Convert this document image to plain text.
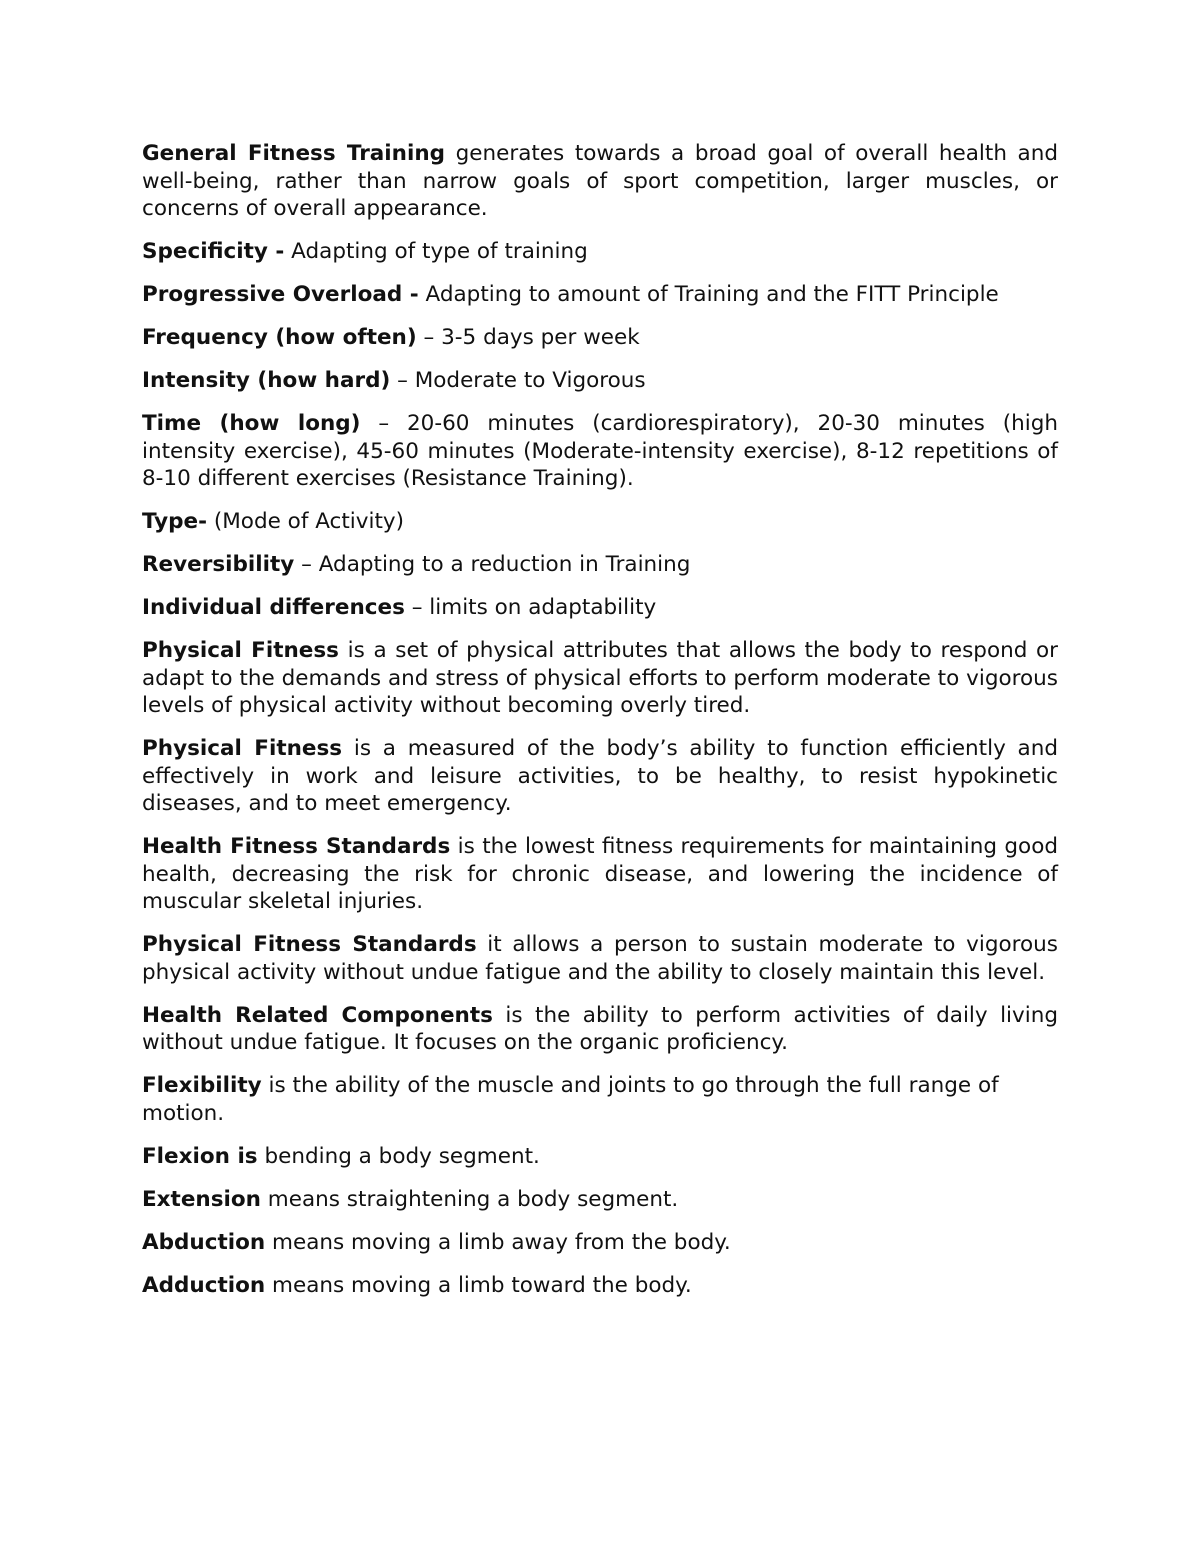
General Fitness Training generates towards a broad goal of overall health and well-being, rather than narrow goals of sport competition, larger muscles, or concerns of overall appearance.

Specificity - Adapting of type of training

Progressive Overload - Adapting to amount of Training and the FITT Principle

Frequency (how often) – 3-5 days per week

Intensity (how hard) – Moderate to Vigorous

Time (how long) – 20-60 minutes (cardiorespiratory), 20-30 minutes (high intensity exercise), 45-60 minutes (Moderate-intensity exercise), 8-12 repetitions of 8-10 different exercises (Resistance Training).

Type- (Mode of Activity)

Reversibility – Adapting to a reduction in Training

Individual differences – limits on adaptability

Physical Fitness is a set of physical attributes that allows the body to respond or adapt to the demands and stress of physical efforts to perform moderate to vigorous levels of physical activity without becoming overly tired.

Physical Fitness is a measured of the body’s ability to function efficiently and effectively in work and leisure activities, to be healthy, to resist hypokinetic diseases, and to meet emergency.

Health Fitness Standards is the lowest fitness requirements for maintaining good health, decreasing the risk for chronic disease, and lowering the incidence of muscular skeletal injuries.

Physical Fitness Standards it allows a person to sustain moderate to vigorous physical activity without undue fatigue and the ability to closely maintain this level.

Health Related Components is the ability to perform activities of daily living without undue fatigue. It focuses on the organic proficiency.

Flexibility is the ability of the muscle and joints to go through the full range of motion.

Flexion is bending a body segment.

Extension means straightening a body segment.

Abduction means moving a limb away from the body.

Adduction means moving a limb toward the body.
